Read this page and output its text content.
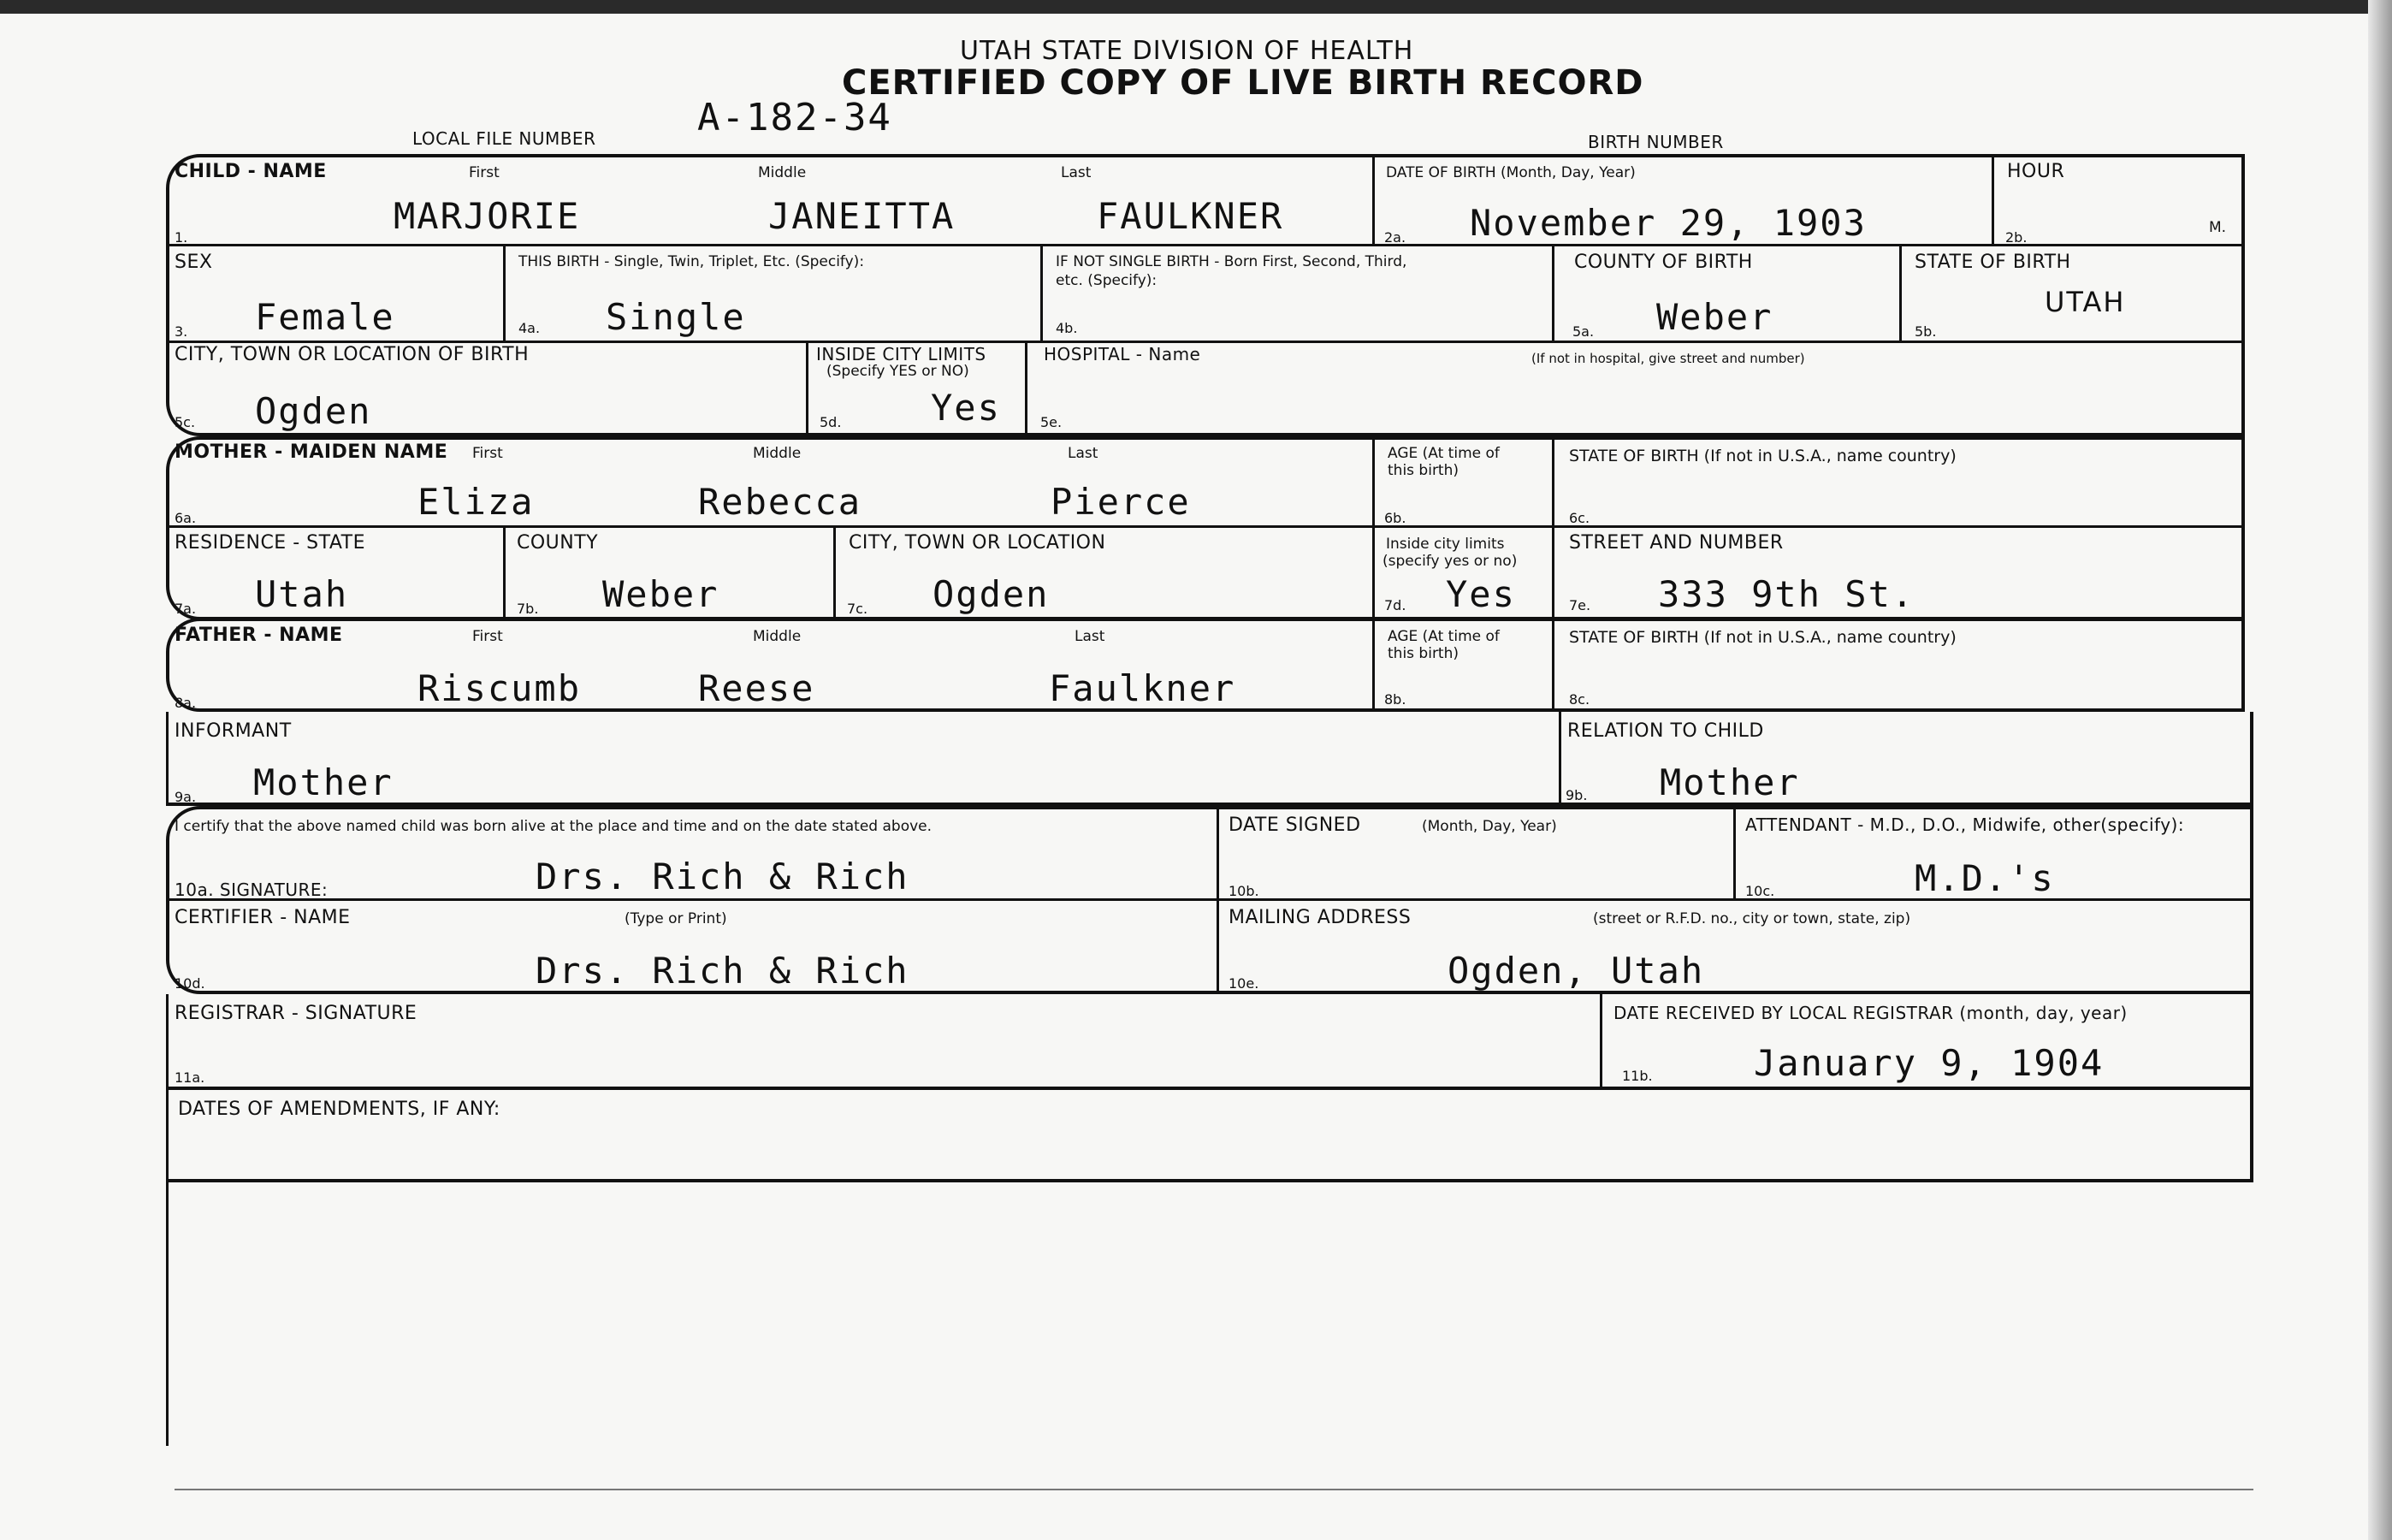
UTAH STATE DIVISION OF HEALTH
CERTIFIED COPY OF LIVE BIRTH RECORD
LOCAL FILE NUMBER	A-182-34
BIRTH NUMBER
CHILD - NAME	First	Middle	Last
1.
MARJORIE	JANEITTA	FAULKNER
DATE OF BIRTH (Month, Day, Year)
2a. November 29, 1903
HOUR
2b.
M.
SEX
3. Female
THIS BIRTH - Single, Twin, Triplet, Etc. (Specify):
4a. Single
IF NOT SINGLE BIRTH - Born First, Second, Third,
etc. (Specify):
4b.
COUNTY OF BIRTH
5a. Weber
STATE OF BIRTH
5b.
UTAH
CITY, TOWN OR LOCATION OF BIRTH
5c. Ogden
INSIDE CITY LIMITS
(Specify YES or NO)
5d. Yes
HOSPITAL - Name	(If not in hospital, give street and number)
5e.
MOTHER - MAIDEN NAME First	Middle	Last
6a.	Eliza	Rebecca	Pierce
AGE (At time of
this birth)
6b.
STATE OF BIRTH (If not in U.S.A., name country)
6c.
RESIDENCE - STATE
7a. Utah
COUNTY
7b. Weber
CITY, TOWN OR LOCATION
7c. Ogden
Inside city limits
(specify yes or no)
7d. Yes
STREET AND NUMBER
7e. 333 9th St.
FATHER - NAME	First	Middle	Last
8a.	Riscumb	Reese	Faulkner
AGE (At time of
this birth)
8b.
STATE OF BIRTH (If not in U.S.A., name country)
8c.
INFORMANT
9a. Mother
RELATION TO CHILD
9b. Mother
I certify that the above named child was born alive at the place and time and on the date stated above.
10a. SIGNATURE:	Drs. Rich & Rich
DATE SIGNED	(Month, Day, Year)
10b.
ATTENDANT - M.D., D.O., Midwife, other(specify):
10c.	M.D.'s
CERTIFIER - NAME	(Type or Print)
10d.	Drs. Rich & Rich
MAILING ADDRESS	(street or R.F.D. no., city or town, state, zip)
10e.	Ogden, Utah
REGISTRAR - SIGNATURE
11a.
DATE RECEIVED BY LOCAL REGISTRAR (month, day, year)
11b.	January 9, 1904
DATES OF AMENDMENTS, IF ANY:
